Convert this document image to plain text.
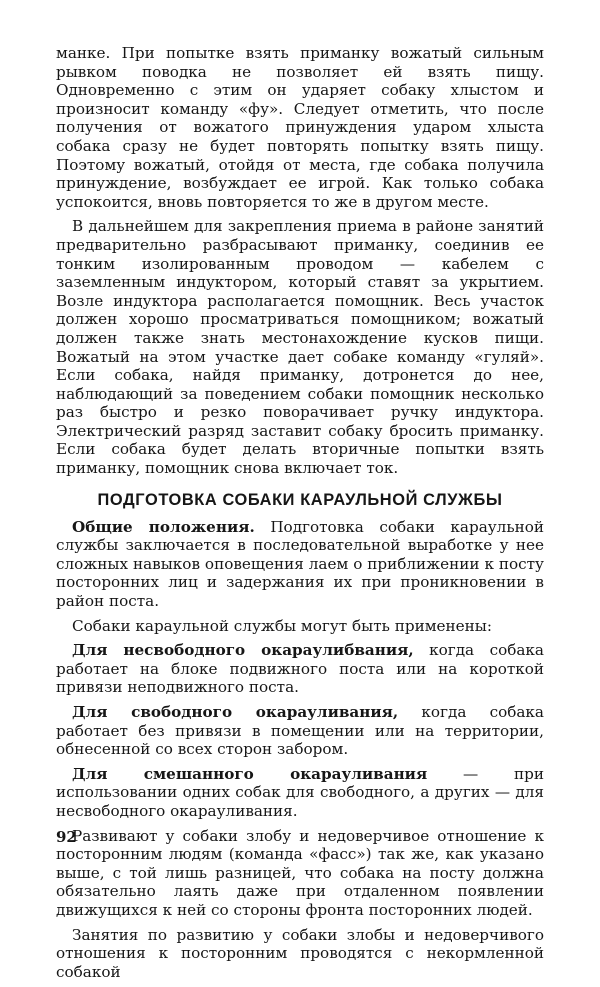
манке. При попытке взять приманку вожатый сильным рывком поводка не позволяет ей взять пищу. Одновременно с этим он ударяет собаку хлыстом и произносит команду «фу». Следует отметить, что после получения от вожатого принуждения ударом хлыста собака сразу не будет повторять попытку взять пищу. Поэтому вожатый, отойдя от места, где собака получила принуждение, возбуждает ее игрой. Как только собака успокоится, вновь повторяется то же в другом месте.

В дальнейшем для закрепления приема в районе занятий предварительно разбрасывают приманку, соединив ее тонким изолированным проводом — кабелем с заземленным индуктором, который ставят за укрытием. Возле индуктора располагается помощник. Весь участок должен хорошо просматриваться помощником; вожатый должен также знать местонахождение кусков пищи. Вожатый на этом участке дает собаке команду «гуляй». Если собака, найдя приманку, дотронется до нее, наблюдающий за поведением собаки помощник несколько раз быстро и резко поворачивает ручку индуктора. Электрический разряд заставит собаку бросить приманку. Если собака будет делать вторичные попытки взять приманку, помощник снова включает ток.

ПОДГОТОВКА СОБАКИ КАРАУЛЬНОЙ СЛУЖБЫ

Общие положения. Подготовка собаки караульной службы заключается в последовательной выработке у нее сложных навыков оповещения лаем о приближении к посту посторонних лиц и задержания их при проникновении в район поста.

Собаки караульной службы могут быть применены:

Для несвободного окараулибвания, когда собака работает на блоке подвижного поста или на короткой привязи неподвижного поста.

Для свободного окарауливания, когда собака работает без привязи в помещении или на территории, обнесенной со всех сторон забором.

Для смешанного окарауливания — при использовании одних собак для свободного, а других — для несвободного окарауливания.

Развивают у собаки злобу и недоверчивое отношение к посторонним людям (команда «фасс») так же, как указано выше, с той лишь разницей, что собака на посту должна обязательно лаять даже при отдаленном появлении движущихся к ней со стороны фронта посторонних людей.

Занятия по развитию у собаки злобы и недоверчивого отношения к посторонним проводятся с некормленной собакой

92
